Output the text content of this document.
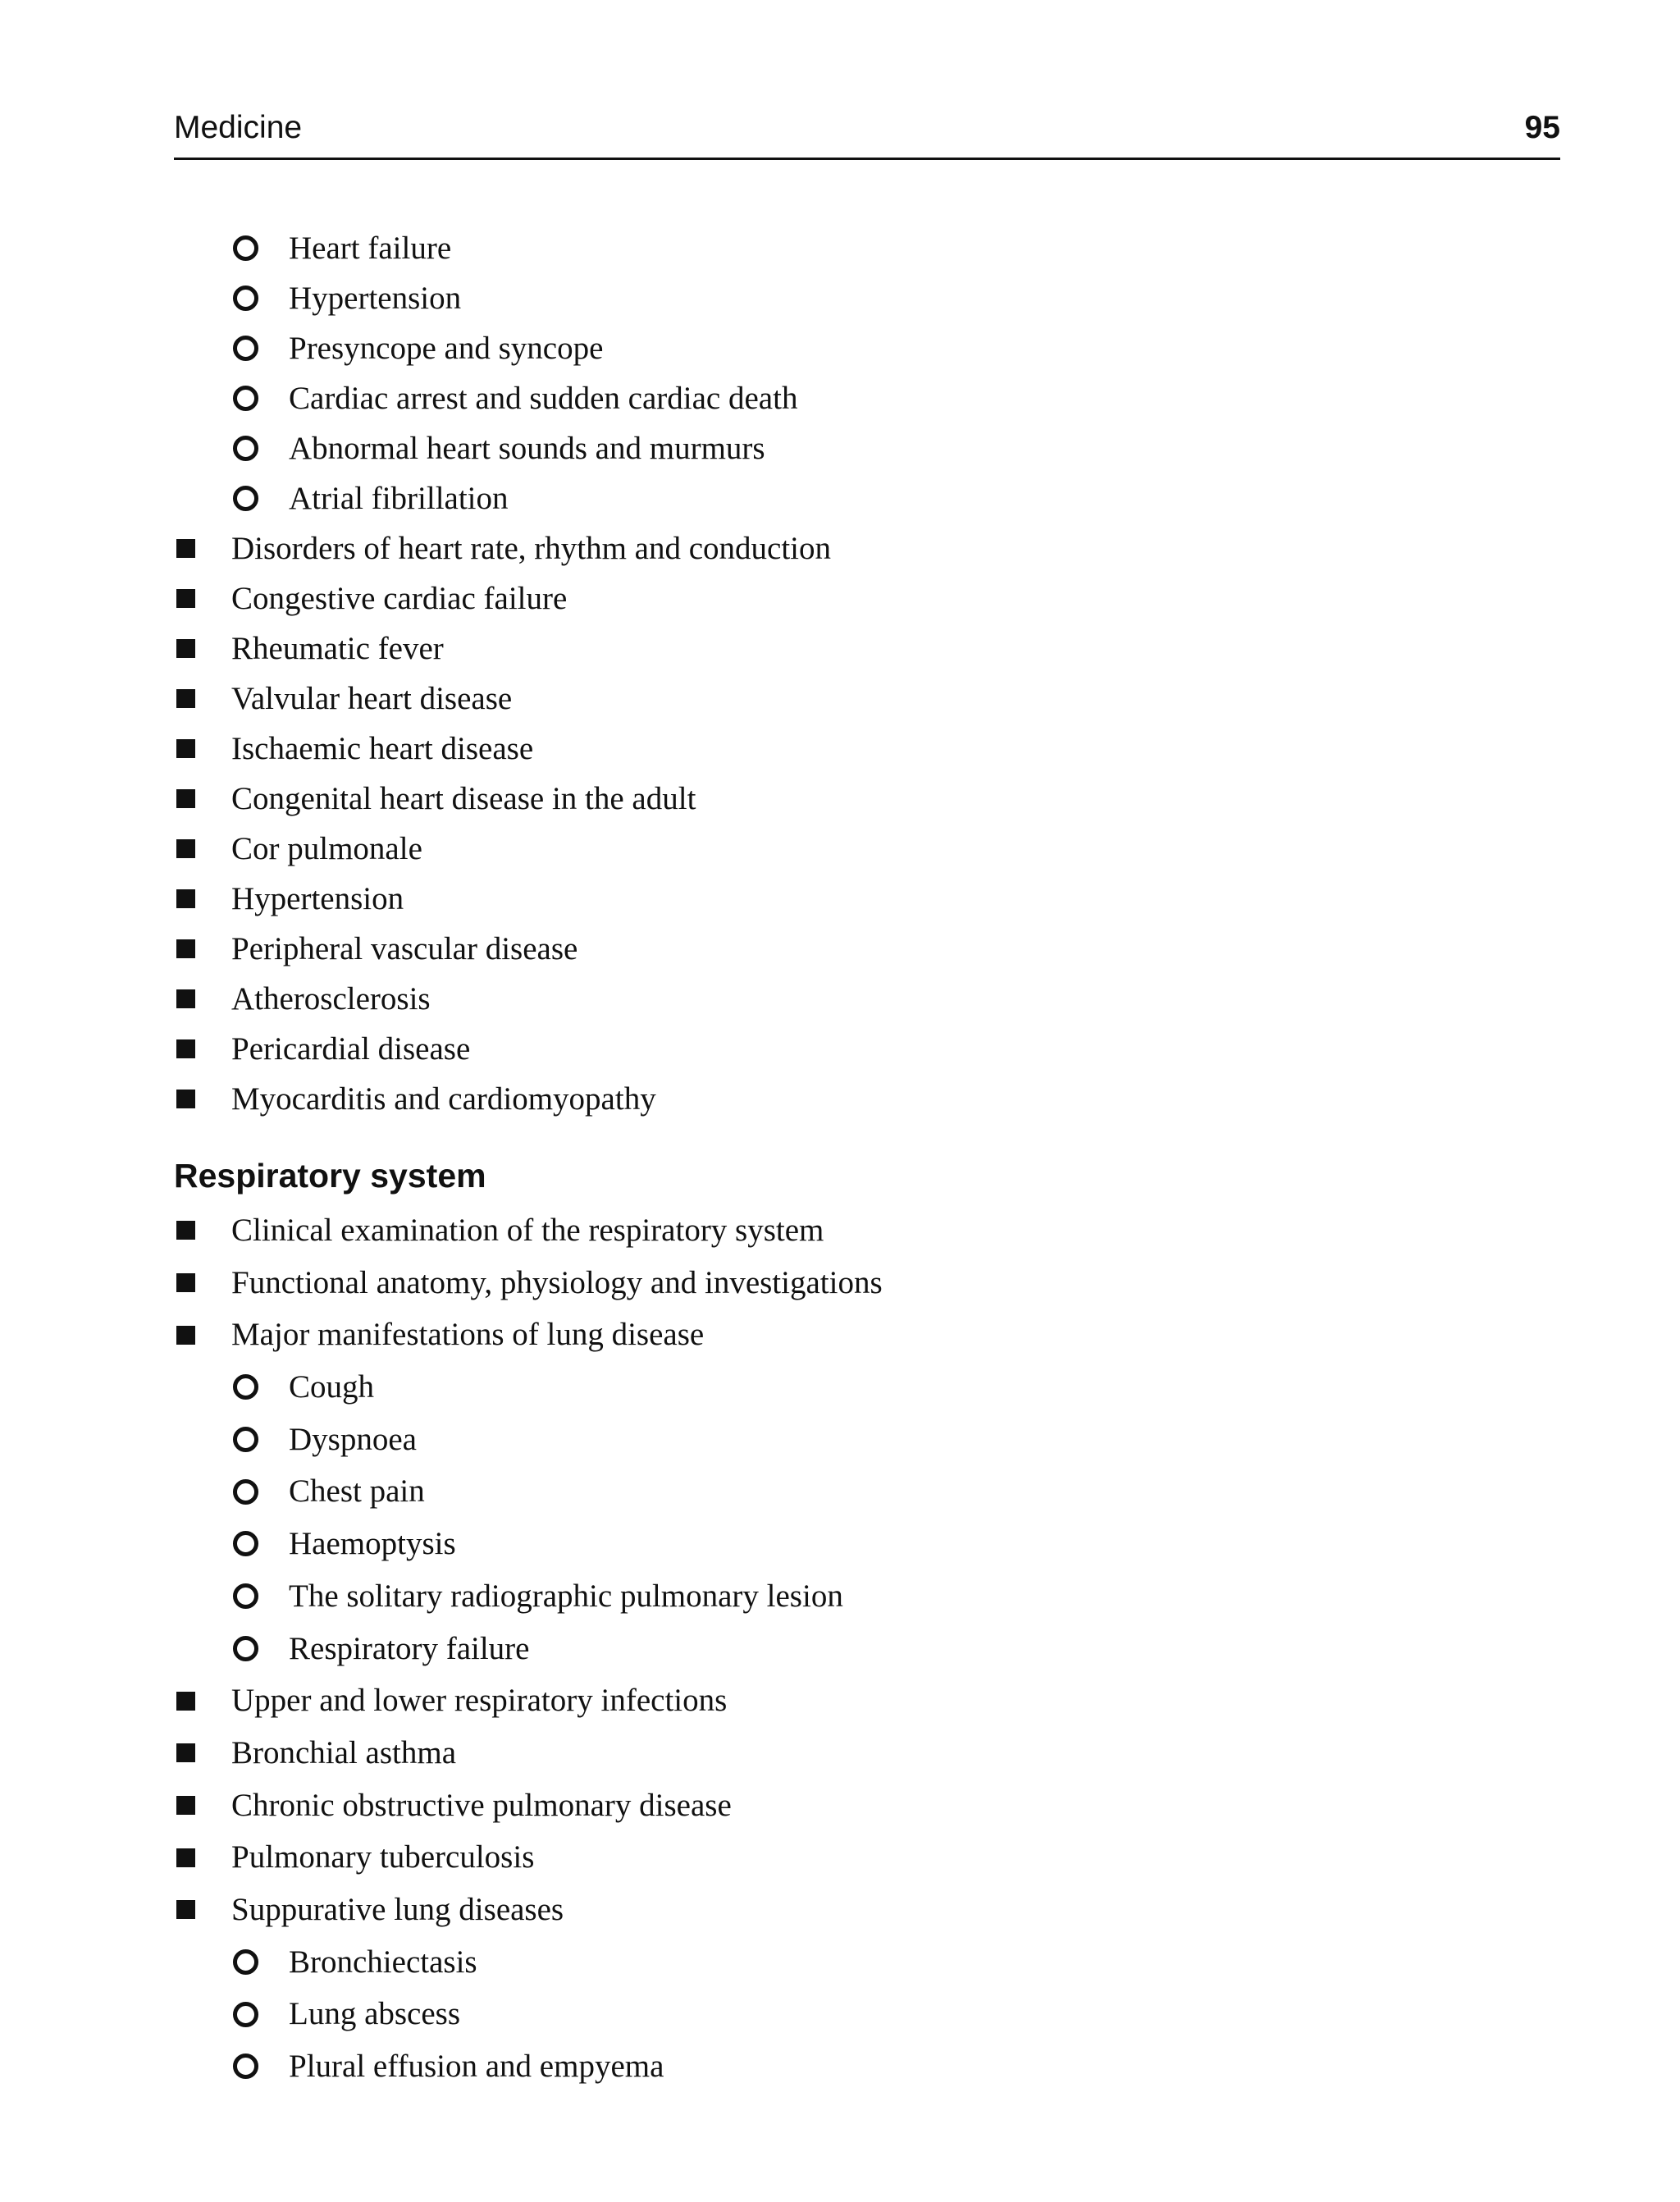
Medicine	95
Heart failure
Hypertension
Presyncope and syncope
Cardiac arrest and sudden cardiac death
Abnormal heart sounds and murmurs
Atrial fibrillation
Disorders of heart rate, rhythm and conduction
Congestive cardiac failure
Rheumatic fever
Valvular heart disease
Ischaemic heart disease
Congenital heart disease in the adult
Cor pulmonale
Hypertension
Peripheral vascular disease
Atherosclerosis
Pericardial disease
Myocarditis and cardiomyopathy
Respiratory system
Clinical examination of the respiratory system
Functional anatomy, physiology and investigations
Major manifestations of lung disease
Cough
Dyspnoea
Chest pain
Haemoptysis
The solitary radiographic pulmonary lesion
Respiratory failure
Upper and lower respiratory infections
Bronchial asthma
Chronic obstructive pulmonary disease
Pulmonary tuberculosis
Suppurative lung diseases
Bronchiectasis
Lung abscess
Plural effusion and empyema
